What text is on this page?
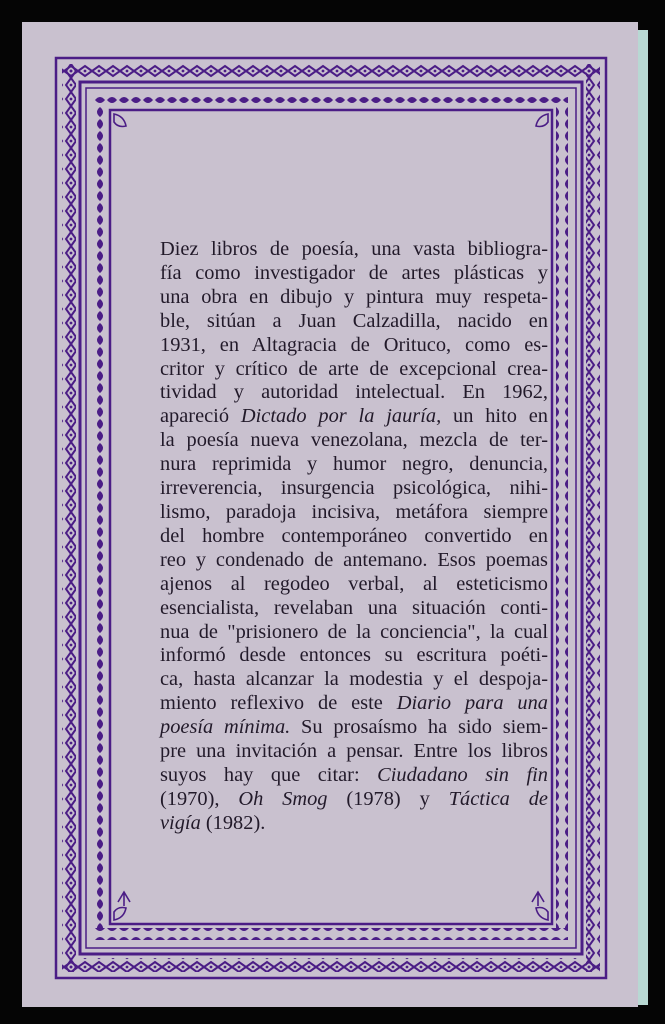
Diez libros de poesía, una vasta bibliogra-
fía como investigador de artes plásticas y
una obra en dibujo y pintura muy respeta-
ble, sitúan a Juan Calzadilla, nacido en
1931, en Altagracia de Orituco, como es-
critor y crítico de arte de excepcional crea-
tividad y autoridad intelectual. En 1962,
apareció Dictado por la jauría, un hito en
la poesía nueva venezolana, mezcla de ter-
nura reprimida y humor negro, denuncia,
irreverencia, insurgencia psicológica, nihi-
lismo, paradoja incisiva, metáfora siempre
del hombre contemporáneo convertido en
reo y condenado de antemano. Esos poemas
ajenos al regodeo verbal, al esteticismo
esencialista, revelaban una situación conti-
nua de "prisionero de la conciencia", la cual
informó desde entonces su escritura poéti-
ca, hasta alcanzar la modestia y el despoja-
miento reflexivo de este Diario para una
poesía mínima. Su prosaísmo ha sido siem-
pre una invitación a pensar. Entre los libros
suyos hay que citar: Ciudadano sin fin
(1970), Oh Smog (1978) y Táctica de
vigía (1982).
